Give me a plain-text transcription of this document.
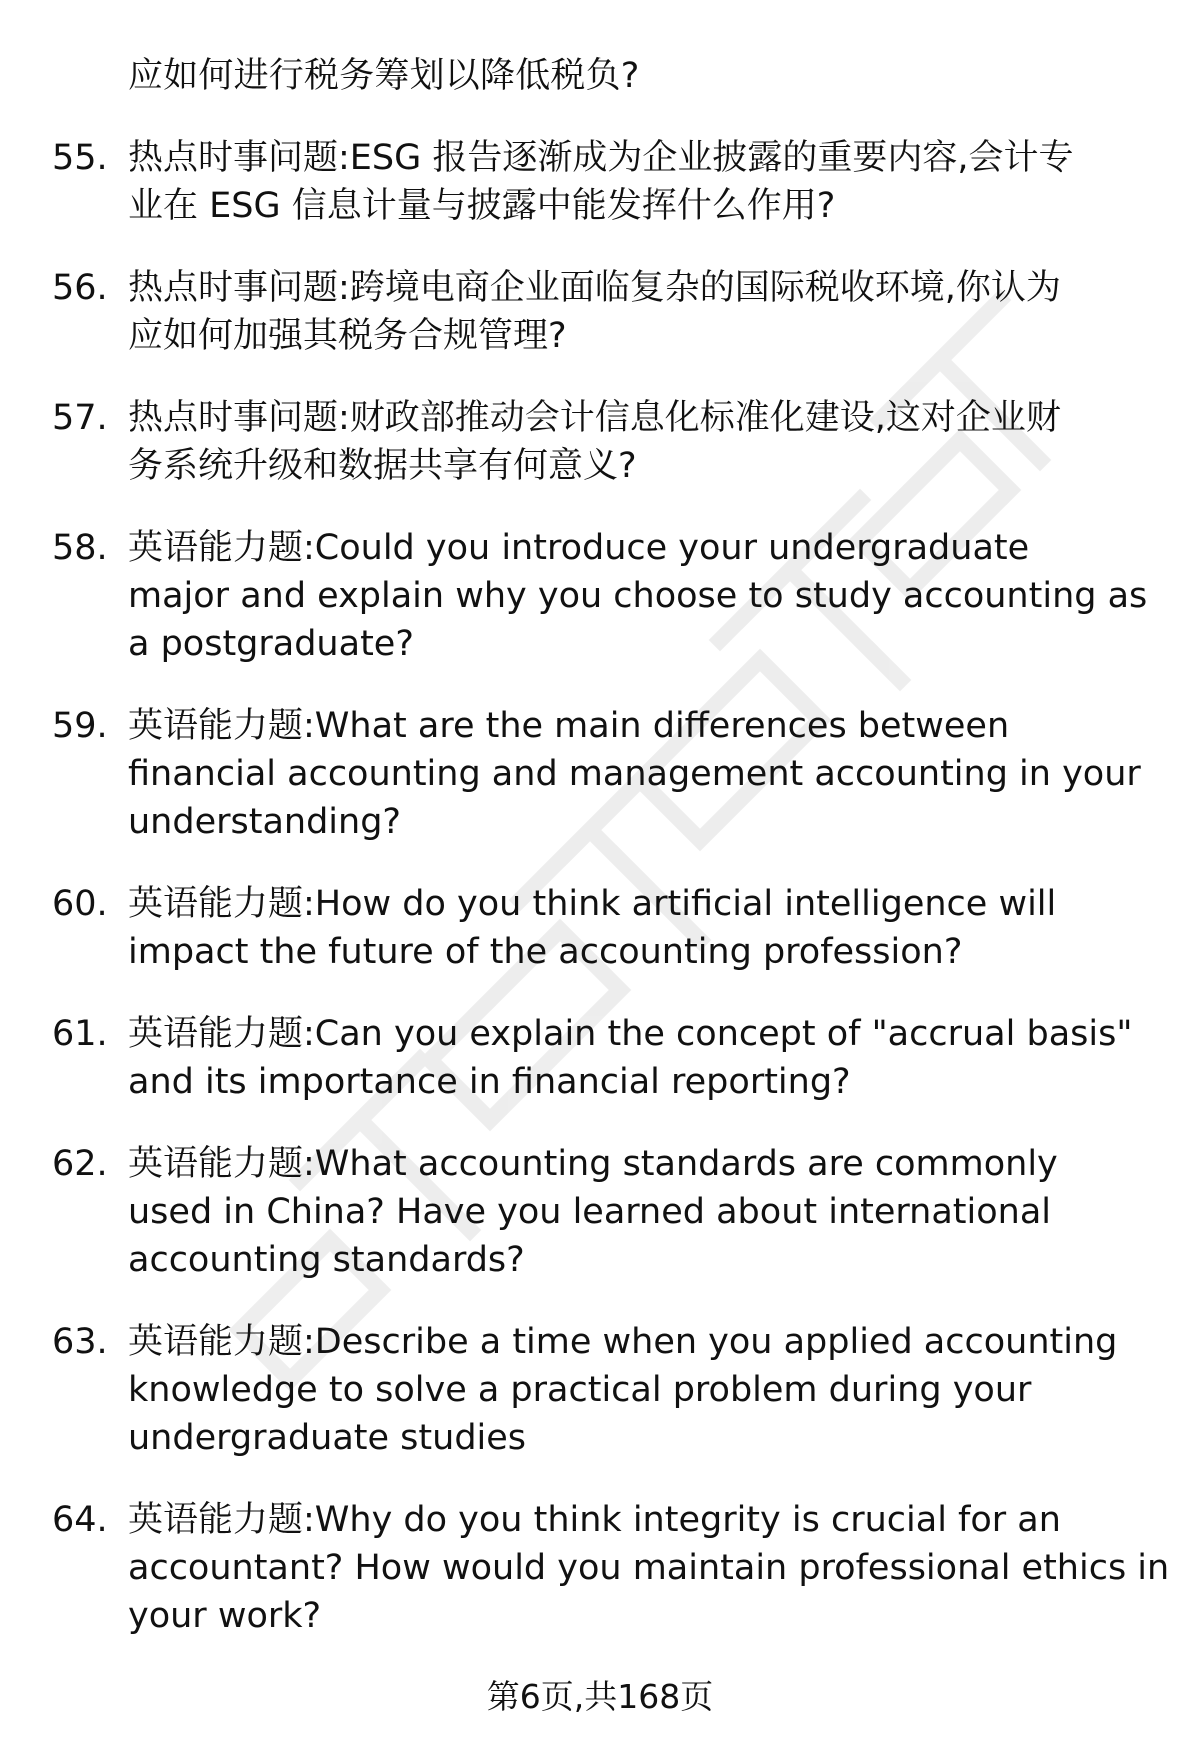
应如何进行税务筹划以降低税负?
55. 热点时事问题:ESG 报告逐渐成为企业披露的重要内容,会计专
业在 ESG 信息计量与披露中能发挥什么作用?
56. 热点时事问题:跨境电商企业面临复杂的国际税收环境,你认为
应如何加强其税务合规管理?
57. 热点时事问题:财政部推动会计信息化标准化建设,这对企业财
务系统升级和数据共享有何意义?
58. 英语能力题:Could you introduce your undergraduate
major and explain why you choose to study accounting as
a postgraduate?
59. 英语能力题:What are the main differences between
financial accounting and management accounting in your
understanding?
60. 英语能力题:How do you think artificial intelligence will
impact the future of the accounting profession?
61. 英语能力题:Can you explain the concept of "accrual basis"
and its importance in financial reporting?
62. 英语能力题:What accounting standards are commonly
used in China? Have you learned about international
accounting standards?
63. 英语能力题:Describe a time when you applied accounting
knowledge to solve a practical problem during your
undergraduate studies
64. 英语能力题:Why do you think integrity is crucial for an
accountant? How would you maintain professional ethics in
your work?
第6页,共168页
